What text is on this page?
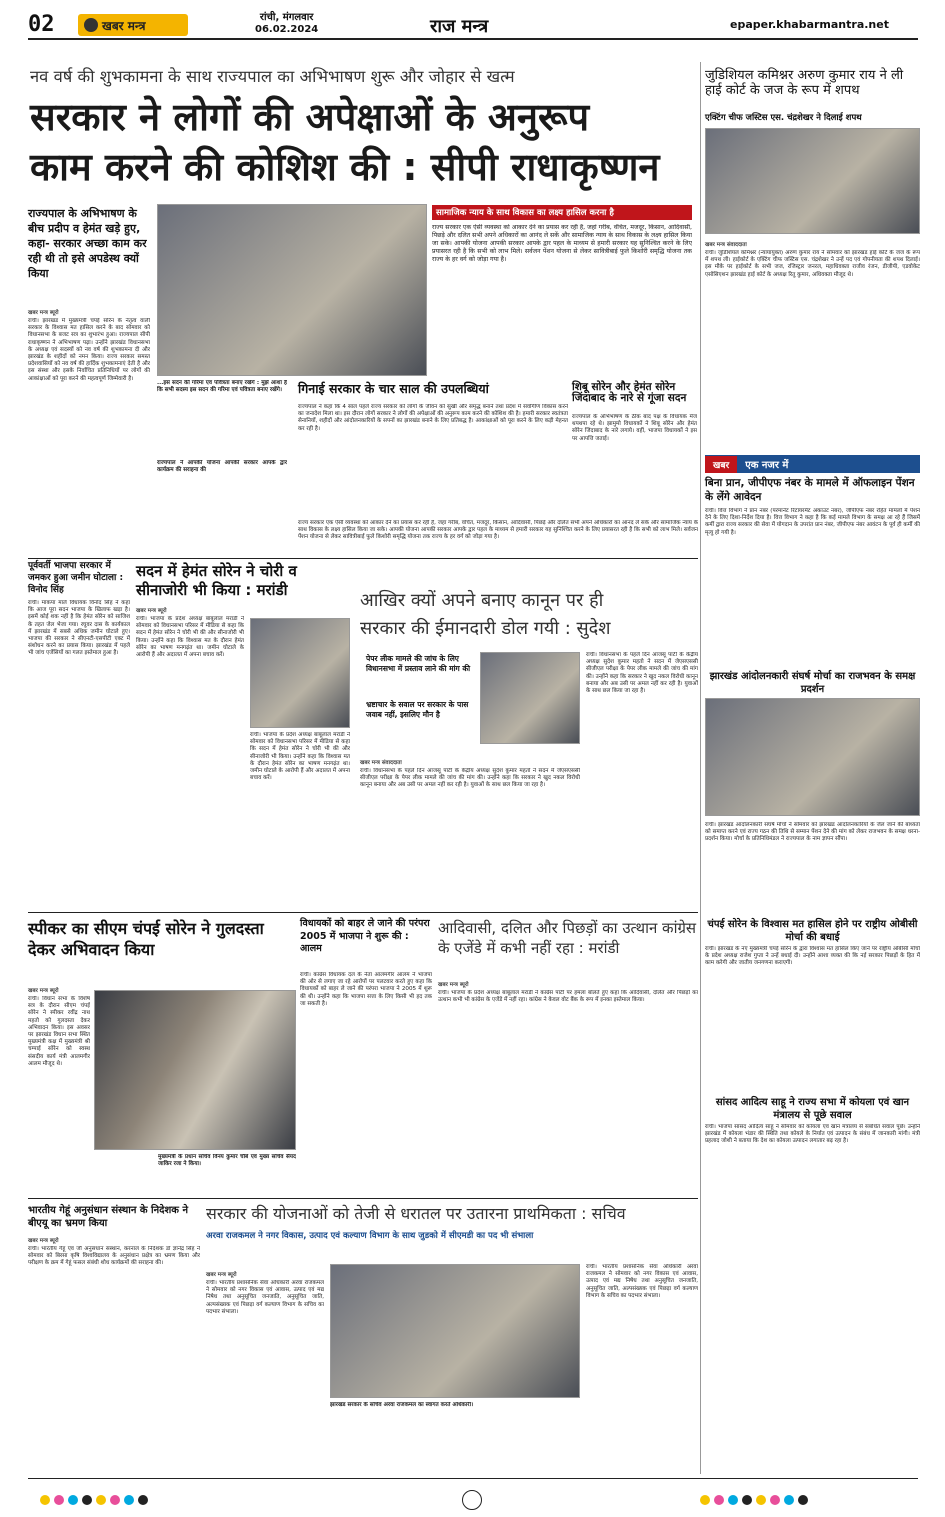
02	खबर मन्त्र
रांची, मंगलवार
06.02.2024	राज मन्त्र	epaper.khabarmantra.net
नव वर्ष की शुभकामना के साथ राज्यपाल का अभिभाषण शुरू और जोहार से खत्म
सरकार ने लोगों की अपेक्षाओं के अनुरूप
काम करने की कोशिश की : सीपी राधाकृष्णन
राज्यपाल के अभिभाषण के बीच प्रदीप व हेमंत खड़े हुए, कहा- सरकार अच्छा काम कर रही थी तो इसे अपडेस्थ क्यों किया
खबर मन्त्र ब्यूरो
रांची। झारखंड में मुख्यमंत्री चंपई सोरेन के नेतृत्व वाली सरकार के विश्वास मत हासिल करने के बाद सोमवार को विधानसभा के बजट सत्र का शुभारंभ हुआ। राज्यपाल सीपी राधाकृष्णन ने अभिभाषण पढ़ा। उन्होंने झारखंड विधानसभा के अध्यक्ष एवं सदस्यों को नव वर्ष की शुभकामना दी और झारखंड के शहीदों को नमन किया। राज्य सरकार समस्त प्रदेशवासियों को नव वर्ष की हार्दिक शुभकामनाएं देती है और इस संस्था और इसके निर्वाचित प्रतिनिधियों पर लोगों की आकांक्षाओं को पूरा करने की महत्वपूर्ण जिम्मेवारी है।
सामाजिक न्याय के साथ विकास का लक्ष्य हासिल करना है
राज्य सरकार एक ऐसी व्यवस्था को आकार देने का प्रयास कर रही है, जहां गरीब, वंचित, मजदूर, किसान, आदिवासी, पिछड़े और दलित सभी अपने अधिकारों का आनंद ले सकें और सामाजिक न्याय के साथ विकास के लक्ष्य हासिल किया जा सके। आपकी योजना आपकी सरकार आपके द्वार पहल के माध्यम से हमारी सरकार यह सुनिश्चित करने के लिए प्रयासरत रही है कि सभी को लाभ मिले। सर्वजन पेंशन योजना से लेकर सावित्रीबाई फुले किशोरी समृद्धि योजना तक राज्य के हर वर्ग को जोड़ा गया है।
...इस सदन की गरिमा एवं पवित्रता बनाए रखेंगे : मुझे आशा है कि सभी सदस्य इस सदन की गरिमा एवं पवित्रता बनाए रखेंगे।
राज्यपाल ने आपकी योजना आपकी सरकार आपके द्वार कार्यक्रम की सराहना की
गिनाई सरकार के चार साल की उपलब्धियां
राज्यपाल ने कहा कि 4 साल पहले राज्य सरकार को लोगों के जीवन को सुखी और समृद्ध बनाने तथा प्रदेश में सर्वांगीण विकास करने का जनादेश मिला था। इस दौरान लोगों सरकार ने लोगों की अपेक्षाओं की अनुरूप काम करने की कोशिश की है। हमारी सरकार स्वतंत्रता सेनानियों, शहीदों और आंदोलनकारियों के सपनों का झारखंड बनाने के लिए प्रतिबद्ध है। आकांक्षाओं को पूरा करने के लिए कड़ी मेहनत कर रही है।
शिबू सोरेन और हेमंत सोरेन जिंदाबाद के नारे से गूंजा सदन
राज्यपाल के अभिभाषण के ठीक बाद पक्ष के विधायक मेज थपथपा रहे थे। झामुमो विधायकों ने शिबू सोरेन और हेमंत सोरेन जिंदाबाद के नारे लगाये। वहीं, भाजपा विधायकों ने इस पर आपत्ति जताई।
राज्य सरकार एक ऐसी व्यवस्था को आकार देने का प्रयास कर रही है, जहां गरीब, वंचित, मजदूर, किसान, आदिवासी, पिछड़े और दलित सभी अपने अधिकारों का आनंद ले सकें और सामाजिक न्याय के साथ विकास के लक्ष्य हासिल किया जा सके। आपकी योजना आपकी सरकार आपके द्वार पहल के माध्यम से हमारी सरकार यह सुनिश्चित करने के लिए प्रयासरत रही है कि सभी को लाभ मिले। सर्वजन पेंशन योजना से लेकर सावित्रीबाई फुले किशोरी समृद्धि योजना तक राज्य के हर वर्ग को जोड़ा गया है।
जुडिशियल कमिश्नर अरुण कुमार राय ने ली हाई कोर्ट के जज के रूप में शपथ
एक्टिंग चीफ जस्टिस एस. चंद्रशेखर ने दिलाई शपथ
खबर मन्त्र संवाददाता
रांची। जुडिशियल कमिश्नर (न्यायायुक्त) अरुण कुमार राय ने सोमवार को झारखंड हाई कोर्ट के जज के रूप में शपथ ली। हाईकोर्ट के एक्टिंग चीफ जस्टिस एस. चंद्रशेखर ने उन्हें पद एवं गोपनीयता की शपथ दिलाई। इस मौके पर हाईकोर्ट के सभी जज, रजिस्ट्रार जनरल, महाधिवक्ता राजीव रंजन, डीजीपी, एडवोकेट एसोसिएशन झारखंड हाई कोर्ट के अध्यक्ष रितु कुमार, अधिवक्ता मौजूद थे।
खबर	एक नजर में
बिना प्रान, जीपीएफ नंबर के मामले में ऑफलाइन पेंशन के लेंगे आवेदन
रांची। वित्त विभाग ने प्रान नंबर (परमानेंट रिटायरमेंट अकाउंट नंबर), जीपीएफ नंबर रहित मामलों में पेंशन देने के लिए दिशा-निर्देश दिया है। वित्त विभाग ने कहा है कि कई मामले विभाग के समक्ष आ रहे हैं जिसमें कर्मी द्वारा राज्य सरकार की सेवा में योगदान के उपरांत प्रान नंबर, जीपीएफ नंबर आवंटन के पूर्व ही कर्मी की मृत्यु हो गयी है।
झारखंड आंदोलनकारी संघर्ष मोर्चा का राजभवन के समक्ष प्रदर्शन
रांची। झारखंड आंदोलनकारी संघर्ष मोर्चा ने सोमवार को झारखंड आंदोलनकारियों के जेल जाने की बाध्यता को समाप्त करने एवं राज्य गठन की तिथि से सम्मान पेंशन देने की मांग को लेकर राजभवन के समक्ष धरना-प्रदर्शन किया। मोर्चा के प्रतिनिधिमंडल ने राज्यपाल के नाम ज्ञापन सौंपा।
चंपई सोरेन के विश्वास मत हासिल होने पर राष्ट्रीय ओबीसी मोर्चा की बधाई
रांची। झारखंड के नए मुख्यमंत्री चंपई सोरेन के द्वारा विश्वास मत हासिल किए जाने पर राष्ट्रीय ओबीसी मोर्चा के प्रदेश अध्यक्ष राजेश गुप्ता ने उन्हें बधाई दी। उन्होंने आशा व्यक्त की कि नई सरकार पिछड़ों के हित में काम करेगी और जातीय जनगणना कराएगी।
सांसद आदित्य साहू ने राज्य सभा में कोयला एवं खान मंत्रालय से पूछे सवाल
रांची। भाजपा सांसद आदित्य साहू ने सोमवार को कोयला एवं खान मंत्रालय से संबंधित सवाल पूछे। उन्होंने झारखंड में कोयला भंडार की स्थिति तथा कोयले के निर्यात एवं उत्पादन के संबंध में जानकारी मांगी। मंत्री प्रहलाद जोशी ने बताया कि देश का कोयला उत्पादन लगातार बढ़ रहा है।
पूर्ववर्ती भाजपा सरकार में जमकर हुआ जमीन घोटाला : विनोद सिंह
रांची। माकपा माले विधायक विनोद सिंह ने कहा कि आज पूरा सदन भाजपा के खिलाफ खड़ा है। इसमें कोई शक नहीं है कि हेमंत सोरेन को साजिश के तहत जेल भेजा गया। रघुवर दास के कार्यकाल में झारखंड में सबसे अधिक जमीन घोटाले हुए। भाजपा की सरकार ने सीएनटी-एसपीटी एक्ट में संशोधन करने का प्रयास किया। झारखंड में पहले भी जांच एजेंसियों का गलत इस्तेमाल हुआ है।
सदन में हेमंत सोरेन ने चोरी व सीनाजोरी भी किया : मरांडी
खबर मन्त्र ब्यूरो
रांची। भाजपा के प्रदेश अध्यक्ष बाबूलाल मरांडी ने सोमवार को विधानसभा परिसर में मीडिया से कहा कि सदन में हेमंत सोरेन ने चोरी भी की और सीनाजोरी भी किया। उन्होंने कहा कि विश्वास मत के दौरान हेमंत सोरेन का भाषण मनगढ़ंत था। जमीन घोटाले के आरोपी हैं और अदालत में अपना बचाव करें।
रांची। भाजपा के प्रदेश अध्यक्ष बाबूलाल मरांडी ने सोमवार को विधानसभा परिसर में मीडिया से कहा कि सदन में हेमंत सोरेन ने चोरी भी की और सीनाजोरी भी किया। उन्होंने कहा कि विश्वास मत के दौरान हेमंत सोरेन का भाषण मनगढ़ंत था। जमीन घोटाले के आरोपी हैं और अदालत में अपना बचाव करें।
आखिर क्यों अपने बनाए कानून पर ही
सरकार की ईमानदारी डोल गयी : सुदेश
पेपर लीक मामले की जांच के लिए विधानसभा में प्रस्ताव लाने की मांग की
भ्रष्टाचार के सवाल पर सरकार के पास जवाब नहीं, इसलिए मौन है
रांची। विधानसभा के पहले दिन आजसू पार्टी के केंद्रीय अध्यक्ष सुदेश कुमार महतो ने सदन में जेएसएससी सीजीएल परीक्षा के पेपर लीक मामले की जांच की मांग की। उन्होंने कहा कि सरकार ने खुद नकल विरोधी कानून बनाया और अब उसी पर अमल नहीं कर रही है। युवाओं के साथ छल किया जा रहा है।
खबर मन्त्र संवाददाता
रांची। विधानसभा के पहले दिन आजसू पार्टी के केंद्रीय अध्यक्ष सुदेश कुमार महतो ने सदन में जेएसएससी सीजीएल परीक्षा के पेपर लीक मामले की जांच की मांग की। उन्होंने कहा कि सरकार ने खुद नकल विरोधी कानून बनाया और अब उसी पर अमल नहीं कर रही है। युवाओं के साथ छल किया जा रहा है।
स्पीकर का सीएम चंपई सोरेन ने गुलदस्ता देकर अभिवादन किया
खबर मन्त्र ब्यूरो
रांची। विधान सभा के विशेष सत्र के दौरान सीएम चंपई सोरेन ने स्पीकर रवींद्र नाथ महतो को गुलदस्ता देकर अभिवादन किया। इस अवसर पर झारखंड विधान सभा स्थित मुख्यमंत्री कक्ष में मुख्यमंत्री श्री चम्पाई सोरेन को स्वस्थ संसदीय कार्य मंत्री आलमगीर आलम मौजूद थे।
मुख्यमंत्री के प्रधान सचिव विनय कुमार चौबे एवं मुख्य सचिव सैयद जाकिर रजा ने किया।
विधायकों को बाहर ले जाने की परंपरा 2005 में भाजपा ने शुरू की : आलम
रांची। कांग्रेस विधायक दल के नेता आलमगीर आलम ने भाजपा की ओर से लगाए जा रहे आरोपों पर पलटवार करते हुए कहा कि विधायकों को बाहर ले जाने की परंपरा भाजपा ने 2005 में शुरू की थी। उन्होंने कहा कि भाजपा सत्ता के लिए किसी भी हद तक जा सकती है।
आदिवासी, दलित और पिछड़ों का उत्थान कांग्रेस के एजेंडे में कभी नहीं रहा : मरांडी
खबर मन्त्र ब्यूरो
रांची। भाजपा के प्रदेश अध्यक्ष बाबूलाल मरांडी ने कांग्रेस पार्टी पर हमला बोलते हुए कहा कि आदिवासी, दलित और पिछड़ों का उत्थान कभी भी कांग्रेस के एजेंडे में नहीं रहा। कांग्रेस ने केवल वोट बैंक के रूप में इनका इस्तेमाल किया।
भारतीय गेहूं अनुसंधान संस्थान के निदेशक ने बीएयू का भ्रमण किया
खबर मन्त्र ब्यूरो
रांची। भारतीय गेहूं एवं जौ अनुसंधान संस्थान, करनाल के निदेशक डॉ ज्ञानेंद्र सिंह ने सोमवार को बिरसा कृषि विश्वविद्यालय के अनुसंधान प्रक्षेत्र का भ्रमण किया और परीक्षण के क्रम में गेहूं फसल संबंधी शोध कार्यक्रमों की सराहना की।
सरकार की योजनाओं को तेजी से धरातल पर उतारना प्राथमिकता : सचिव
अरवा राजकमल ने नगर विकास, उत्पाद एवं कल्याण विभाग के साथ जुडको में सीएमडी का पद भी संभाला
खबर मन्त्र ब्यूरो
रांची। भारतीय प्रशासनिक सेवा अधिकारी अरवा राजकमल ने सोमवार को नगर विकास एवं आवास, उत्पाद एवं मद्य निषेध तथा अनुसूचित जनजाति, अनुसूचित जाति, अल्पसंख्यक एवं पिछड़ा वर्ग कल्याण विभाग के सचिव का पदभार संभाला।
झारखंड सरकार के सचिव अरवा राजकमल का स्वागत करते अधिकारी।
रांची। भारतीय प्रशासनिक सेवा अधिकारी अरवा राजकमल ने सोमवार को नगर विकास एवं आवास, उत्पाद एवं मद्य निषेध तथा अनुसूचित जनजाति, अनुसूचित जाति, अल्पसंख्यक एवं पिछड़ा वर्ग कल्याण विभाग के सचिव का पदभार संभाला।
